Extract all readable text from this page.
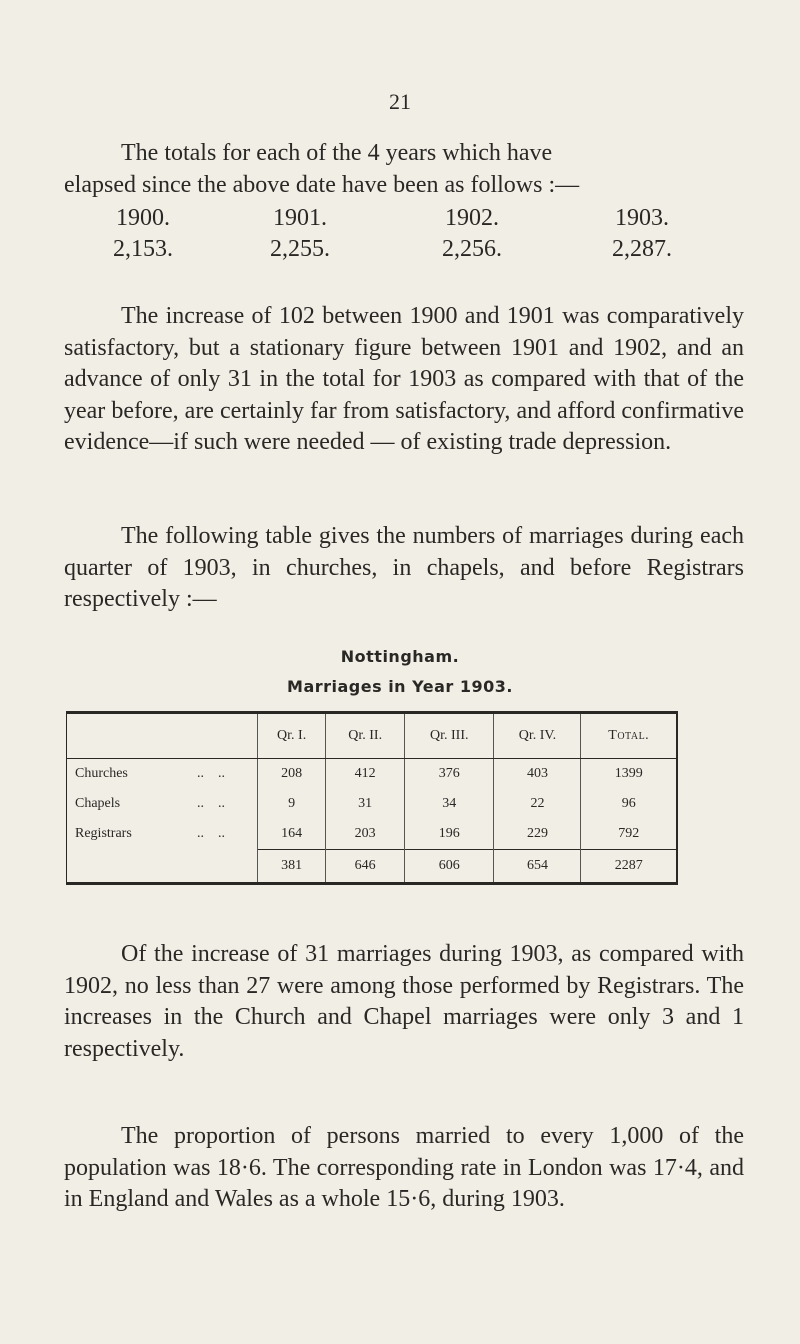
21
The totals for each of the 4 years which have
elapsed since the above date have been as follows :—
1900.	1901.	1902.	1903.
2,153.	2,255.	2,256.	2,287.

The increase of 102 between 1900 and 1901 was comparatively satisfactory, but a stationary figure between 1901 and 1902, and an advance of only 31 in the total for 1903 as compared with that of the year before, are certainly far from satisfactory, and afford confirmative evidence—if such were needed — of existing trade depression.

The following table gives the numbers of marriages during each quarter of 1903, in churches, in chapels, and before Registrars respectively :—

Nottingham.
Marriages in Year 1903.
	Qr. I.	Qr. II.	Qr. III.	Qr. IV.	Total.
Churches ..    ..	208	412	376	403	1399
Chapels ..    ..	9	31	34	22	96
Registrars ..    ..	164	203	196	229	792
	381	646	606	654	2287

Of the increase of 31 marriages during 1903, as compared with 1902, no less than 27 were among those performed by Registrars. The increases in the Church and Chapel marriages were only 3 and 1 respectively.

The proportion of persons married to every 1,000 of the population was 18·6. The corresponding rate in London was 17·4, and in England and Wales as a whole 15·6, during 1903.
